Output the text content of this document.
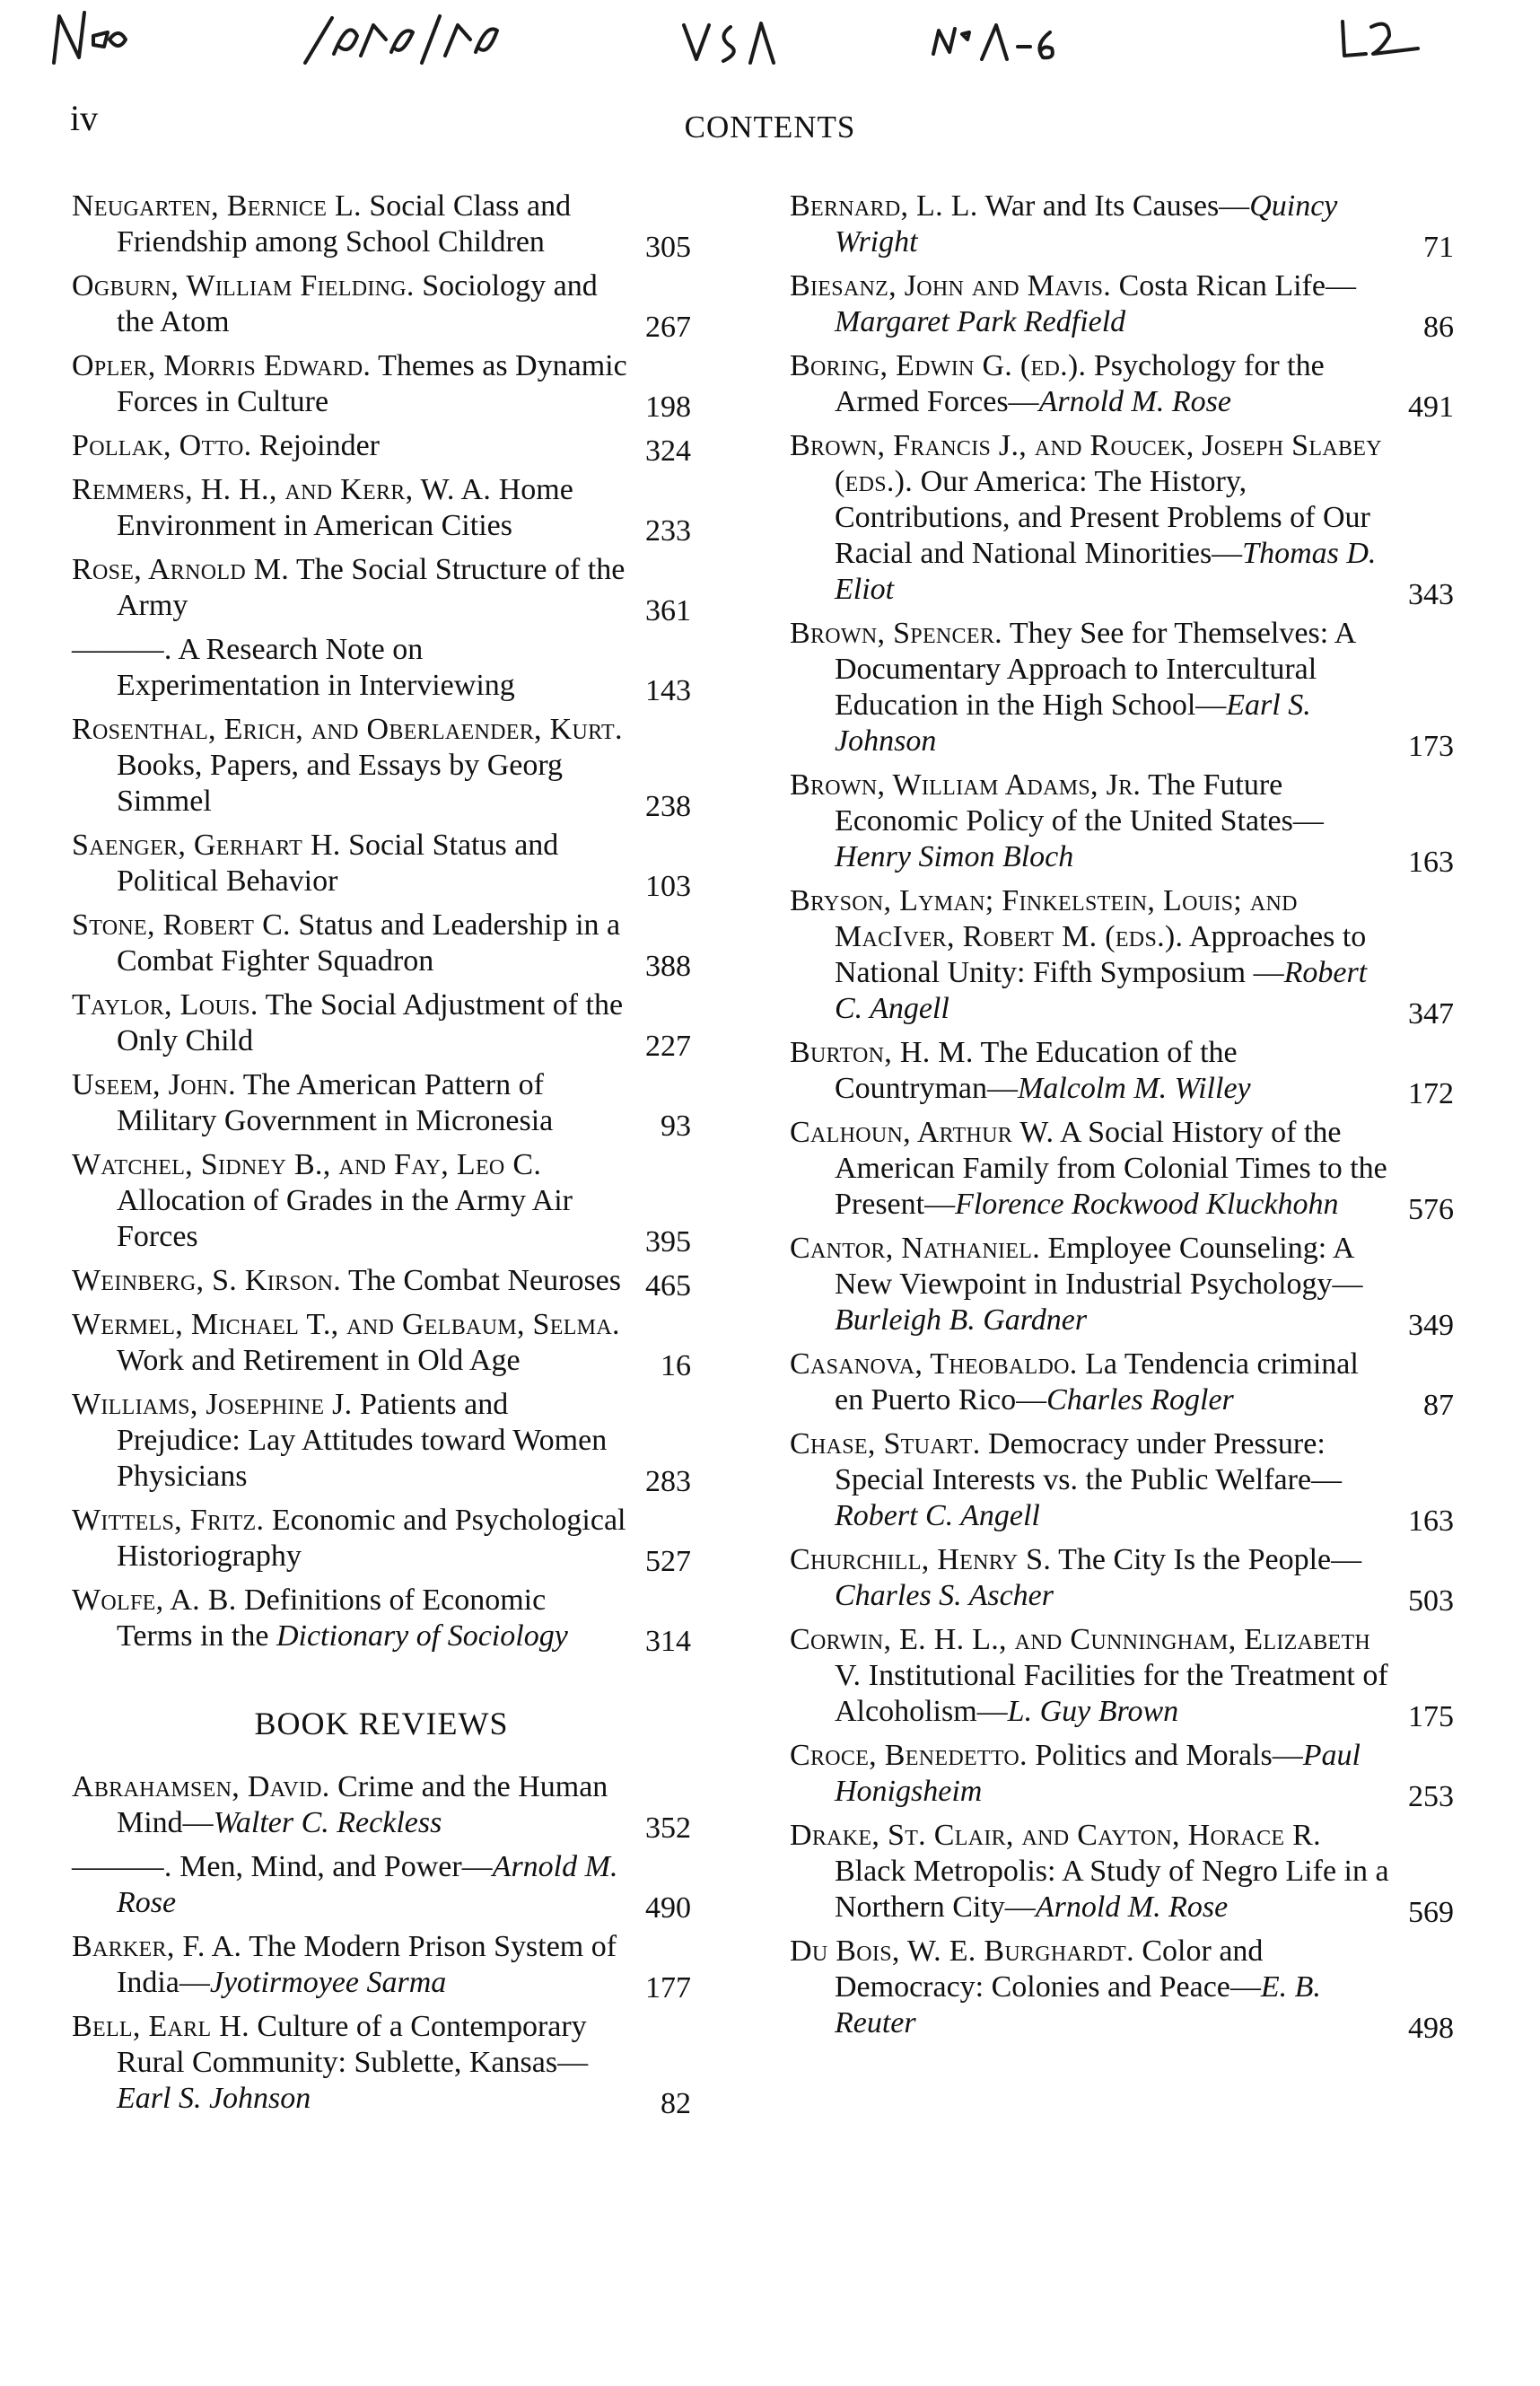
iv	CONTENTS
Neugarten, Bernice L. Social Class and Friendship among School Children	305
Ogburn, William Fielding. Sociology and the Atom	267
Opler, Morris Edward. Themes as Dynamic Forces in Culture	198
Pollak, Otto. Rejoinder	324
Remmers, H. H., and Kerr, W. A. Home Environment in American Cities	233
Rose, Arnold M. The Social Structure of the Army	361
———. A Research Note on Experimentation in Interviewing	143
Rosenthal, Erich, and Oberlaender, Kurt. Books, Papers, and Essays by Georg Simmel	238
Saenger, Gerhart H. Social Status and Political Behavior	103
Stone, Robert C. Status and Leadership in a Combat Fighter Squadron	388
Taylor, Louis. The Social Adjustment of the Only Child	227
Useem, John. The American Pattern of Military Government in Micronesia	93
Watchel, Sidney B., and Fay, Leo C. Allocation of Grades in the Army Air Forces	395
Weinberg, S. Kirson. The Combat Neuroses 465
Wermel, Michael T., and Gelbaum, Selma. Work and Retirement in Old Age	16
Williams, Josephine J. Patients and Prejudice: Lay Attitudes toward Women Physicians	283
Wittels, Fritz. Economic and Psychological Historiography	527
Wolfe, A. B. Definitions of Economic Terms in the Dictionary of Sociology	314
BOOK REVIEWS
Abrahamsen, David. Crime and the Human Mind—Walter C. Reckless	352
———. Men, Mind, and Power—Arnold M. Rose	490
Barker, F. A. The Modern Prison System of India—Jyotirmoyee Sarma	177
Bell, Earl H. Culture of a Contemporary Rural Community: Sublette, Kansas—Earl S. Johnson	82
Bernard, L. L. War and Its Causes—Quincy Wright	71
Biesanz, John and Mavis. Costa Rican Life—Margaret Park Redfield	86
Boring, Edwin G. (ed.). Psychology for the Armed Forces—Arnold M. Rose	491
Brown, Francis J., and Roucek, Joseph Slabey (eds.). Our America: The History, Contributions, and Present Problems of Our Racial and National Minorities—Thomas D. Eliot	343
Brown, Spencer. They See for Themselves: A Documentary Approach to Intercultural Education in the High School—Earl S. Johnson	173
Brown, William Adams, Jr. The Future Economic Policy of the United States—Henry Simon Bloch	163
Bryson, Lyman; Finkelstein, Louis; and MacIver, Robert M. (eds.). Approaches to National Unity: Fifth Symposium —Robert C. Angell	347
Burton, H. M. The Education of the Countryman—Malcolm M. Willey	172
Calhoun, Arthur W. A Social History of the American Family from Colonial Times to the Present—Florence Rockwood Kluckhohn	576
Cantor, Nathaniel. Employee Counseling: A New Viewpoint in Industrial Psychology—Burleigh B. Gardner	349
Casanova, Theobaldo. La Tendencia criminal en Puerto Rico—Charles Rogler	87
Chase, Stuart. Democracy under Pressure: Special Interests vs. the Public Welfare—Robert C. Angell	163
Churchill, Henry S. The City Is the People—Charles S. Ascher	503
Corwin, E. H. L., and Cunningham, Elizabeth V. Institutional Facilities for the Treatment of Alcoholism—L. Guy Brown	175
Croce, Benedetto. Politics and Morals—Paul Honigsheim	253
Drake, St. Clair, and Cayton, Horace R. Black Metropolis: A Study of Negro Life in a Northern City—Arnold M. Rose	569
Du Bois, W. E. Burghardt. Color and Democracy: Colonies and Peace—E. B. Reuter	498
